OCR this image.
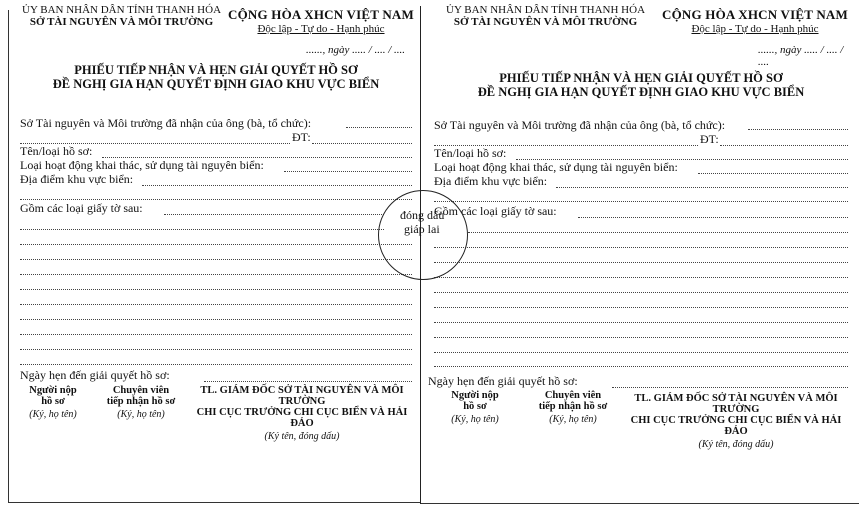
ỦY BAN NHÂN DÂN TỈNH THANH HÓA
SỞ TÀI NGUYÊN VÀ MÔI TRƯỜNG	CỘNG HÒA XHCN VIỆT NAM
Độc lập - Tự do - Hạnh phúc
......, ngày ..... / .... / ....
PHIẾU TIẾP NHẬN VÀ HẸN GIẢI QUYẾT HỒ SƠ
ĐỀ NGHỊ GIA HẠN QUYẾT ĐỊNH GIAO KHU VỰC BIỂN
Sở Tài nguyên và Môi trường đã nhận của ông (bà, tổ chức):
ĐT:
Tên/loại hồ sơ:
Loại hoạt động khai thác, sử dụng tài nguyên biển:
Địa điểm khu vực biển:
Gồm các loại giấy tờ sau:
Ngày hẹn đến giải quyết hồ sơ:
Người nộp
hồ sơ
(Ký, họ tên)
Chuyên viên
tiếp nhận hồ sơ
(Ký, họ tên)
TL. GIÁM ĐỐC SỞ TÀI NGUYÊN VÀ MÔI TRƯỜNG
CHI CỤC TRƯỞNG CHI CỤC BIỂN VÀ HẢI ĐẢO
(Ký tên, đóng dấu)
ỦY BAN NHÂN DÂN TỈNH THANH HÓA
SỞ TÀI NGUYÊN VÀ MÔI TRƯỜNG	CỘNG HÒA XHCN VIỆT NAM
Độc lập - Tự do - Hạnh phúc
......, ngày ..... / .... / ....
PHIẾU TIẾP NHẬN VÀ HẸN GIẢI QUYẾT HỒ SƠ
ĐỀ NGHỊ GIA HẠN QUYẾT ĐỊNH GIAO KHU VỰC BIỂN
Sở Tài nguyên và Môi trường đã nhận của ông (bà, tổ chức):
ĐT:
Tên/loại hồ sơ:
Loại hoạt động khai thác, sử dụng tài nguyên biển:
Địa điểm khu vực biển:
Gồm các loại giấy tờ sau:
Ngày hẹn đến giải quyết hồ sơ:
Người nộp
hồ sơ
(Ký, họ tên)
Chuyên viên
tiếp nhận hồ sơ
(Ký, họ tên)
TL. GIÁM ĐỐC SỞ TÀI NGUYÊN VÀ MÔI TRƯỜNG
CHI CỤC TRƯỞNG CHI CỤC BIỂN VÀ HẢI ĐẢO
(Ký tên, đóng dấu)
đóng dấu
giáp lai
